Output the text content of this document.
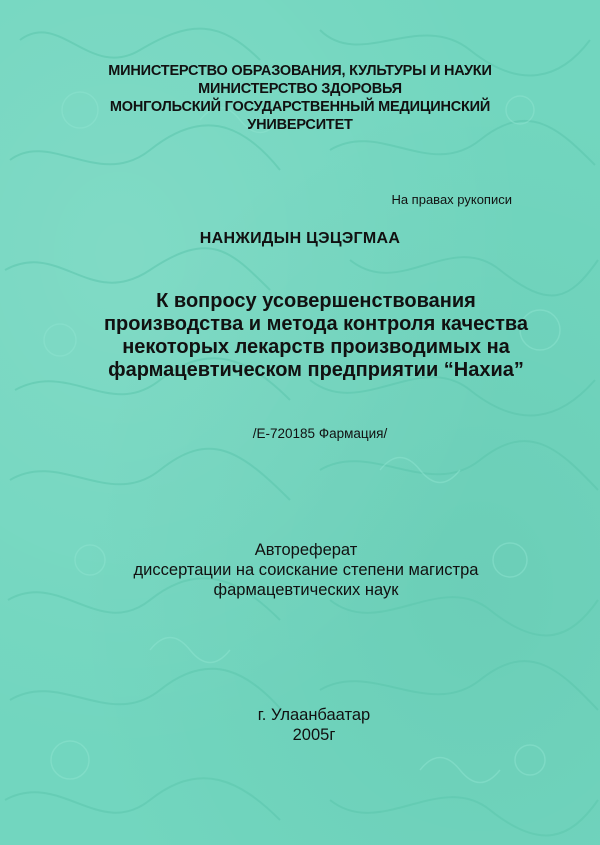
МИНИСТЕРСТВО ОБРАЗОВАНИЯ, КУЛЬТУРЫ И НАУКИ
МИНИСТЕРСТВО ЗДОРОВЬЯ
МОНГОЛЬСКИЙ ГОСУДАРСТВЕННЫЙ МЕДИЦИНСКИЙ
УНИВЕРСИТЕТ
На правах рукописи
НАНЖИДЫН ЦЭЦЭГМАА
К вопросу усовершенствования
производства и метода контроля качества
некоторых лекарств производимых на
фармацевтическом предприятии “Нахиа”
/Е-720185 Фармация/
Автореферат
диссертации на соискание степени магистра
фармацевтических наук
г. Улаанбаатар
2005г
